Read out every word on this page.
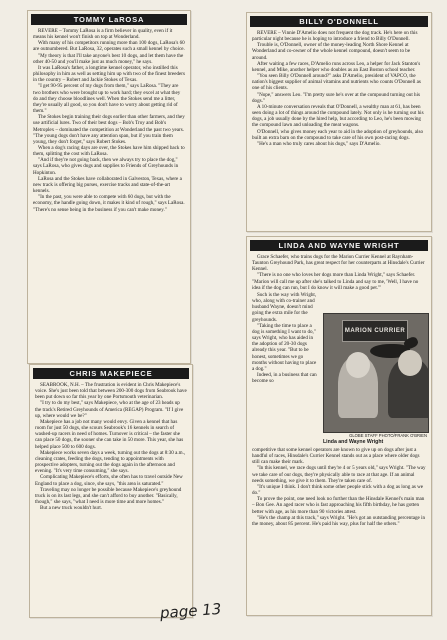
TOMMY LaROSA

REVERE – Tommy LaRosa is a firm believer in quality, even if it means his kennel won't finish on top at Wonderland.

With many of his competitors running more than 100 dogs, LaRosa's 60 are outnumbered. But LaRosa, 32, operates such a small kennel by choice.

"My theory is that I'll take anyone's best 10 dogs, and let them have the other 40-50 and you'll make just as much money," he says.

It was LaRosa's father, a longtime kennel operator, who instilled this philosophy in him as well as setting him up with two of the finest breeders in the country – Robert and Jackie Stokes of Texas.

"I get 90-95 percent of my dogs from them," says LaRosa. "They are two brothers who were brought up to work hard; they excel at what they do and they choose bloodlines well. When the Stokes send me a litter, they're usually all good, so you don't have to worry about getting rid of them."

The Stokes begin training their dogs earlier than other farmers, and they use artificial lures. Two of their best dogs – Bob's Troy and Bob's Metroplex – dominated the competition at Wonderland the past two years. "The young dogs don't have any attention span, but if you train them young, they don't forget," says Robert Stokes.

When a dog's racing days are over, the Stokes have him shipped back to them, splitting the cost with LaRosa.

"And if they're not going back, then we always try to place the dog," says LaRosa, who gives dogs and supplies to Friends of Greyhounds in Hopkinton.

LaRosa and the Stokes have collaborated in Galveston, Texas, where a new track is offering big purses, exercise tracks and state-of-the-art kennels.

"In the past, you were able to compete with 60 dogs, but with the economy, the handle going down, it makes it kind of rough," says LaRosa. "There's no sense being in the business if you can't make money."

CHRIS MAKEPIECE

SEABROOK, N.H. – The frustration is evident in Chris Makepiece's voice. She's just been told that between 200-300 dogs from Seabrook have been put down so far this year by one Portsmouth veterinarian.

"I try to do my best," says Makepiece, who at the age of 23 heads up the track's Retired Greyhounds of America (REGAP) Program. "If I give up, where would we be?"

Makepiece has a job not many would envy. Given a kennel that has room for just 50 dogs, she scours Seabrook's 16 kennels in search of washed-up racers in need of homes. Turnover is critical – the faster she can place 50 dogs, the sooner she can take in 50 more. This year, she has helped place 500 to 600 dogs.

Makepiece works seven days a week, turning out the dogs at 8:30 a.m., cleaning crates, feeding the dogs, tending to appointments with prospective adopters, turning out the dogs again in the afternoon and evening. "It's very time consuming," she says.

Complicating Makepiece's efforts, she often has to travel outside New England to place a dog, since, she says, "this area is saturated."

Traveling may no longer be possible because Makepiece's greyhound truck is on its last legs, and she can't afford to buy another. "Basically, though," she says, "what I need is more time and more homes."

But a new truck wouldn't hurt.

BILLY O'DONNELL

REVERE – Vinnie D'Amelio does not frequent the dog track. He's here on this particular night because he is hoping to introduce a friend to Billy O'Donnell.

Trouble is, O'Donnell, owner of the money-leading North Shore Kennel at Wonderland and co-owner of the whole kennel compound, doesn't seem to be around.

After waiting a few races, D'Amelio runs across Leo, a helper for Jack Stanton's kennel, and Mike, another helper who doubles as an East Boston school teacher.

"You seen Billy O'Donnell around?" asks D'Amelio, president of VAPCO, the nation's biggest supplier of animal vitamins and nutrients who counts O'Donnell as one of his clients.

"Nope," answers Leo. "I'm pretty sure he's over at the compound turning out his dogs."

A 10-minute conversation reveals that O'Donnell, a wealthy man at 61, has been seen doing a lot of things around the compound lately. Not only is he turning out his dogs, a job usually done by the hired help, but according to Leo, he's been mowing the compound lawn and unloading the meat wagons.

O'Donnell, who gives money each year to aid in the adoption of greyhounds, also built an extra barn on the compound to take care of his own post-racing dogs.

"He's a man who truly cares about his dogs," says D'Amelio.

LINDA AND WAYNE WRIGHT

Grace Schaefer, who trains dogs for the Marion Currier Kennel at Raynham-Taunton Greyhound Park, has great respect for her counterparts at Hinsdale's Currier Kennel.

"There is no one who loves her dogs more than Linda Wright," says Schaefer. "Marion will call me up after she's talked to Linda and say to me, 'Well, I have no idea if the dog can run, but I do know it will make a good pet.'"

Such is the way with Wright, who, along with co-trainer and husband Wayne, doesn't mind going the extra mile for the greyhounds.

"Taking the time to place a dog is something I want to do," says Wright, who has aided in the adoption of 20-30 dogs already this year. "But to be honest, sometimes we go months without having to place a dog."

Indeed, in a business that can become so

MARION CURRIER
GLOBE STAFF PHOTO/FRANK O'BRIEN
Linda and Wayne Wright

competitive that some kennel operators are known to give up on dogs after just a handful of races, Hinsdale's Currier Kennel stands out as a place where older dogs still can make their mark.

"In this kennel, we race dogs until they're 4 or 5 years old," says Wright. "The way we take care of our dogs, they're physically able to race at that age. If an animal needs something, we give it to them. They're taken care of.

"It's unique I think. I don't think some other people stick with a dog as long as we do."

To prove the point, one need look no further than the Hinsdale Kennel's main man – Bon Gee. An aged racer who is fast approaching his fifth birthday, he has gotten better with age, as his more than 90 victories attest.

"He's the champ at this track," says Wright. "He's got an outstanding percentage in the money, about 85 percent. He's paid his way, plus for half the others."

page 13
